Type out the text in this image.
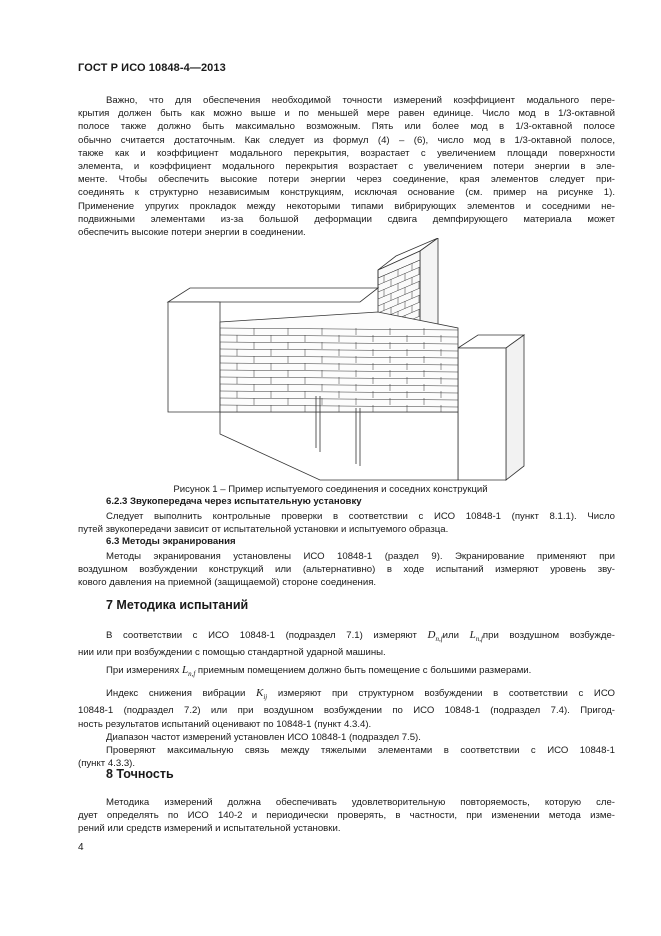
ГОСТ Р ИСО 10848-4—2013
Важно, что для обеспечения необходимой точности измерений коэффициент модального пере-
крытия должен быть как можно выше и по меньшей мере равен единице. Число мод в 1/3-октавной
полосе также должно быть максимально возможным. Пять или более мод в 1/3-октавной полосе
обычно считается достаточным. Как следует из формул (4) – (6), число мод в 1/3-октавной полосе,
также как и коэффициент модального перекрытия, возрастает с увеличением площади поверхности
элемента, и коэффициент модального перекрытия возрастает с увеличением потери энергии в эле-
менте. Чтобы обеспечить высокие потери энергии через соединение, края элементов следует при-
соединять к структурно независимым конструкциям, исключая основание (см. пример на рисунке 1).
Применение упругих прокладок между некоторыми типами вибрирующих элементов и соседними не-
подвижными элементами из-за большой деформации сдвига демпфирующего материала может
обеспечить высокие потери энергии в соединении.
Рисунок 1 – Пример испытуемого соединения и соседних конструкций
6.2.3 Звукопередача через испытательную установку
Следует выполнить контрольные проверки в соответствии с ИСО 10848-1 (пункт 8.1.1). Число
путей звукопередачи зависит от испытательной установки и испытуемого образца.
6.3 Методы экранирования
Методы экранирования установлены ИСО 10848-1 (раздел 9). Экранирование применяют при
воздушном возбуждении конструкций или (альтернативно) в ходе испытаний измеряют уровень зву-
кового давления на приемной (защищаемой) стороне соединения.
7 Методика испытаний
В соответствии с ИСО 10848-1 (подраздел 7.1) измеряют $D_{n,f}или$ $L_{n,f}при$ воздушном возбужде-
нии или при возбуждении с помощью стандартной ударной машины.
При измерениях $L_{n,f}$ приемным помещением должно быть помещение с большими размерами.
Индекс снижения вибрации $K_{ij}$ измеряют при структурном возбуждении в соответствии с ИСО
10848-1 (подраздел 7.2) или при воздушном возбуждении по ИСО 10848-1 (подраздел 7.4). Пригод-
ность результатов испытаний оценивают по 10848-1 (пункт 4.3.4).
Диапазон частот измерений установлен ИСО 10848-1 (подраздел 7.5).
Проверяют максимальную связь между тяжелыми элементами в соответствии с ИСО 10848-1
(пункт 4.3.3).
8 Точность
Методика измерений должна обеспечивать удовлетворительную повторяемость, которую сле-
дует определять по ИСО 140-2 и периодически проверять, в частности, при изменении метода изме-
рений или средств измерений и испытательной установки.
4
